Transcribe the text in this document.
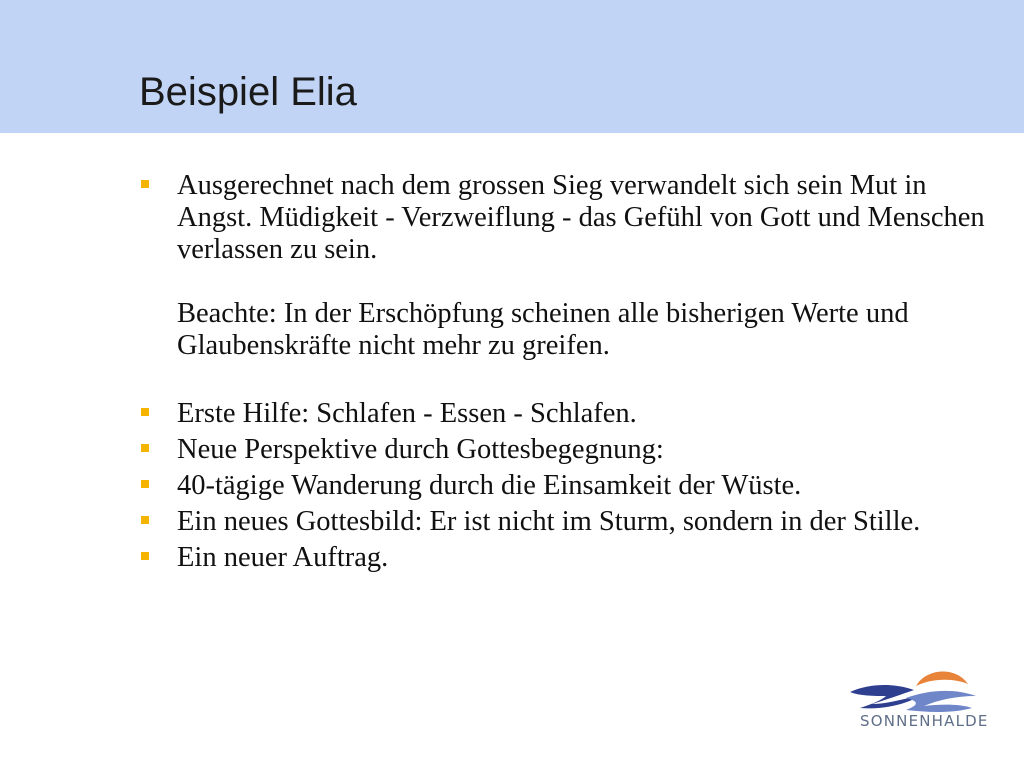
Beispiel Elia
Ausgerechnet nach dem grossen Sieg verwandelt sich sein Mut in Angst. Müdigkeit - Verzweiflung - das Gefühl von Gott und Menschen verlassen zu sein.
Beachte: In der Erschöpfung scheinen alle bisherigen Werte und Glaubenskräfte nicht mehr zu greifen.
Erste Hilfe: Schlafen - Essen - Schlafen.
Neue Perspektive durch Gottesbegegnung:
40-tägige Wanderung durch die Einsamkeit der Wüste.
Ein neues Gottesbild: Er ist nicht im Sturm, sondern in der Stille.
Ein neuer Auftrag.
SONNENHALDE
